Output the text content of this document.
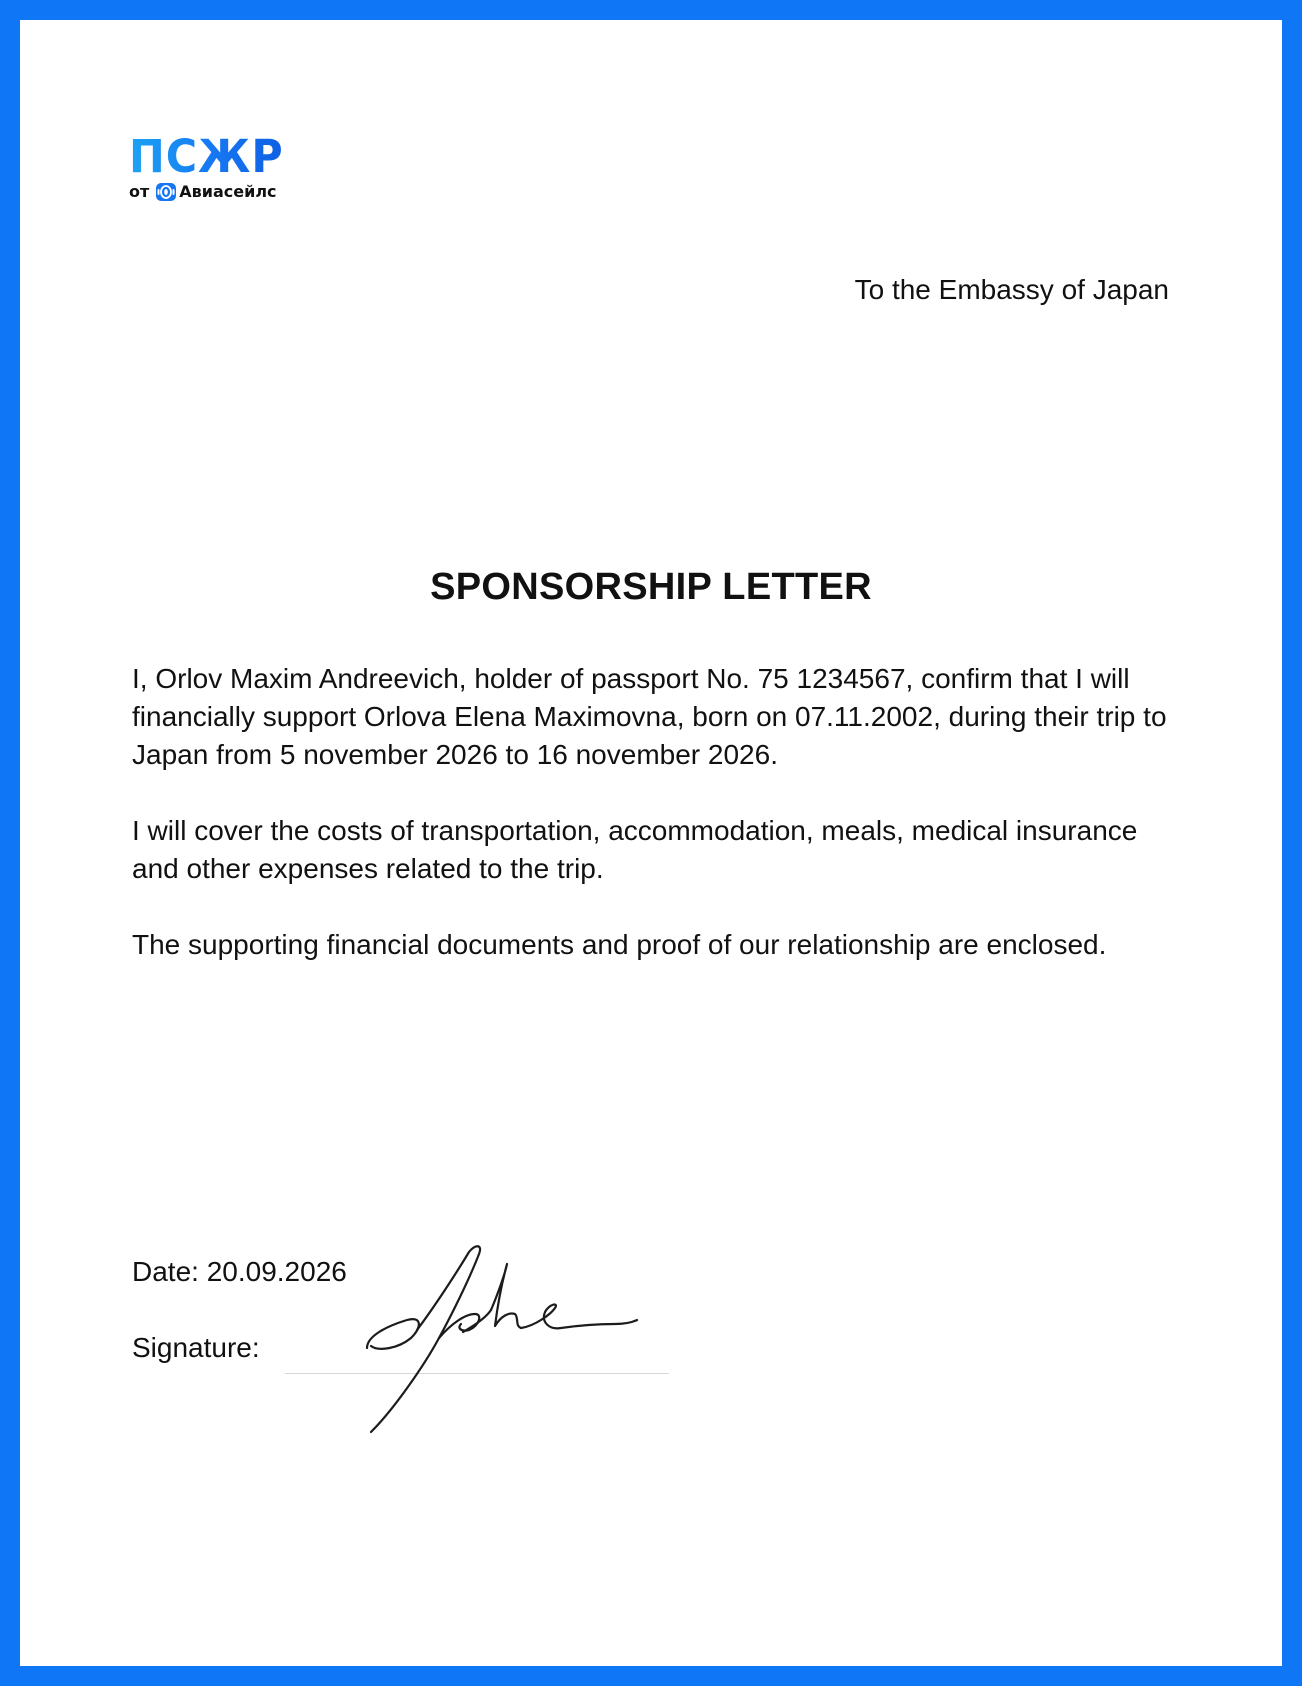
ПСЖР
от Авиасейлс
To the Embassy of Japan
SPONSORSHIP LETTER

I, Orlov Maxim Andreevich, holder of passport No. 75 1234567, confirm that I will financially support Orlova Elena Maximovna, born on 07.11.2002, during their trip to Japan from 5 november 2026 to 16 november 2026.

I will cover the costs of transportation, accommodation, meals, medical insurance and other expenses related to the trip.

The supporting financial documents and proof of our relationship are enclosed.

Date: 20.09.2026
Signature:
